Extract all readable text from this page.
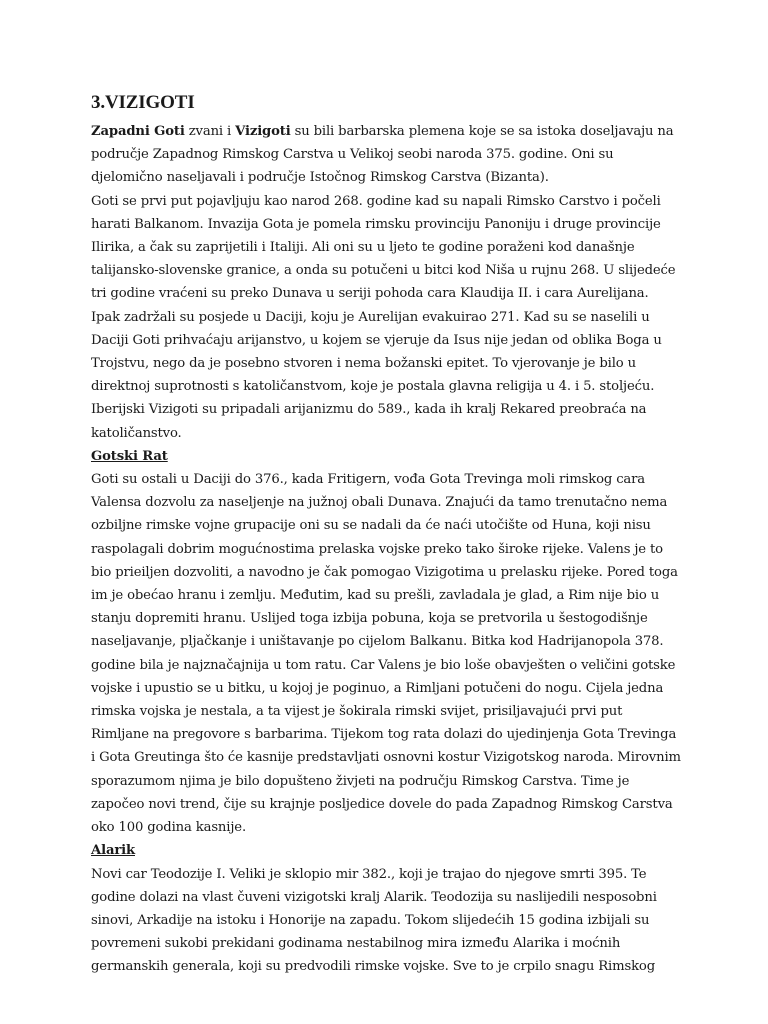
3.VIZIGOTI

Zapadni Goti zvani i Vizigoti su bili barbarska plemena koje se sa istoka doseljavaju na područje Zapadnog Rimskog Carstva u Velikoj seobi naroda 375. godine. Oni su djelomično naseljavali i područje Istočnog Rimskog Carstva (Bizanta).

Goti se prvi put pojavljuju kao narod 268. godine kad su napali Rimsko Carstvo i počeli harati Balkanom. Invazija Gota je pomela rimsku provinciju Panoniju i druge provincije Ilirika, a čak su zaprijetili i Italiji. Ali oni su u ljeto te godine poraženi kod današnje talijansko-slovenske granice, a onda su potučeni u bitci kod Niša u rujnu 268. U slijedeće tri godine vraćeni su preko Dunava u seriji pohoda cara Klaudija II. i cara Aurelijana. Ipak zadržali su posjede u Daciji, koju je Aurelijan evakuirao 271. Kad su se naselili u Daciji Goti prihvaćaju arijanstvo, u kojem se vjeruje da Isus nije jedan od oblika Boga u Trojstvu, nego da je posebno stvoren i nema božanski epitet. To vjerovanje je bilo u direktnoj suprotnosti s katoličanstvom, koje je postala glavna religija u 4. i 5. stoljeću. Iberijski Vizigoti su pripadali arijanizmu do 589., kada ih kralj Rekared preobraća na katoličanstvo.

Gotski Rat

Goti su ostali u Daciji do 376., kada Fritigern, vođa Gota Trevinga moli rimskog cara Valensa dozvolu za naseljenje na južnoj obali Dunava. Znajući da tamo trenutačno nema ozbiljne rimske vojne grupacije oni su se nadali da će naći utočište od Huna, koji nisu raspolagali dobrim mogućnostima prelaska vojske preko tako široke rijeke. Valens je to bio prieiljen dozvoliti, a navodno je čak pomogao Vizigotima u prelasku rijeke. Pored toga im je obećao hranu i zemlju. Međutim, kad su prešli, zavladala je glad, a Rim nije bio u stanju dopremiti hranu. Uslijed toga izbija pobuna, koja se pretvorila u šestogodišnje naseljavanje, pljačkanje i uništavanje po cijelom Balkanu. Bitka kod Hadrijanopola 378. godine bila je najznačajnija u tom ratu. Car Valens je bio loše obavješten o veličini gotske vojske i upustio se u bitku, u kojoj je poginuo, a Rimljani potučeni do nogu. Cijela jedna rimska vojska je nestala, a ta vijest je šokirala rimski svijet, prisiljavajući prvi put Rimljane na pregovore s barbarima. Tijekom tog rata dolazi do ujedinjenja Gota Trevinga i Gota Greutinga što će kasnije predstavljati osnovni kostur Vizigotskog naroda. Mirovnim sporazumom njima je bilo dopušteno živjeti na području Rimskog Carstva. Time je započeo novi trend, čije su krajnje posljedice dovele do pada Zapadnog Rimskog Carstva oko 100 godina kasnije.

Alarik

Novi car Teodozije I. Veliki je sklopio mir 382., koji je trajao do njegove smrti 395. Te godine dolazi na vlast čuveni vizigotski kralj Alarik. Teodozija su naslijedili nesposobni sinovi, Arkadije na istoku i Honorije na zapadu. Tokom slijedećih 15 godina izbijali su povremeni sukobi prekidani godinama nestabilnog mira između Alarika i moćnih germanskih generala, koji su predvodili rimske vojske. Sve to je crpilo snagu Rimskog
